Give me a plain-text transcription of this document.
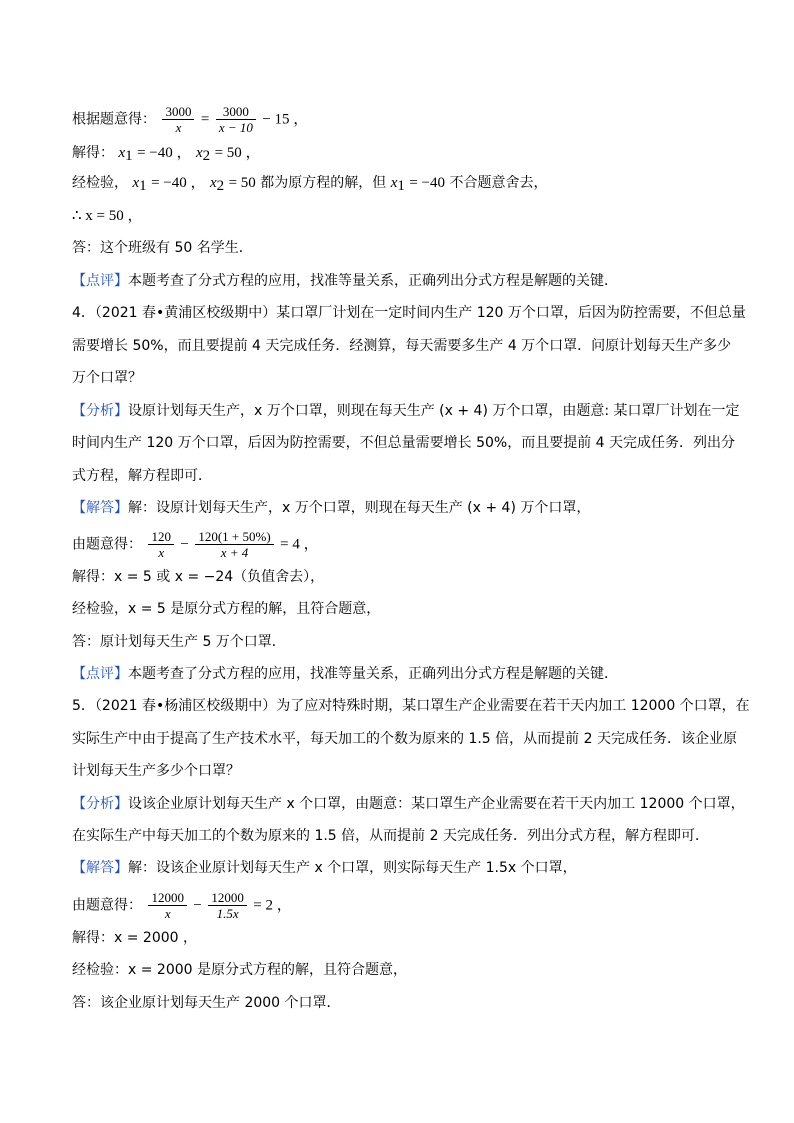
根据题意得： $\frac{3000}{x} = \frac{3000}{x - 10} - 15$ ，
解得： $x_1 = -40$ ， $x_2 = 50$ ，
经检验， $x_1 = -40$ ， $x_2 = 50$ 都为原方程的解，但 $x_1 = -40$ 不合题意舍去，
∴ x = 50 ，
答：这个班级有 50 名学生．
【点评】本题考查了分式方程的应用，找准等量关系，正确列出分式方程是解题的关键．
4．（2021 春•黄浦区校级期中）某口罩厂计划在一定时间内生产 120 万个口罩，后因为防控需要，不但总量
需要增长 50%，而且要提前 4 天完成任务．经测算，每天需要多生产 4 万个口罩．问原计划每天生产多少
万个口罩？
【分析】设原计划每天生产，x 万个口罩，则现在每天生产 (x + 4) 万个口罩，由题意: 某口罩厂计划在一定
时间内生产 120 万个口罩，后因为防控需要，不但总量需要增长 50%，而且要提前 4 天完成任务．列出分
式方程，解方程即可．
【解答】解：设原计划每天生产，x 万个口罩，则现在每天生产 (x + 4) 万个口罩，
由题意得： $\frac{120}{x} - \frac{120(1 + 50\%)}{x + 4} = 4$ ，
解得：x = 5 或 x = −24（负值舍去），
经检验，x = 5 是原分式方程的解，且符合题意，
答：原计划每天生产 5 万个口罩．
【点评】本题考查了分式方程的应用，找准等量关系，正确列出分式方程是解题的关键．
5．（2021 春•杨浦区校级期中）为了应对特殊时期，某口罩生产企业需要在若干天内加工 12000 个口罩，在
实际生产中由于提高了生产技术水平，每天加工的个数为原来的 1.5 倍，从而提前 2 天完成任务．该企业原
计划每天生产多少个口罩？
【分析】设该企业原计划每天生产 x 个口罩，由题意：某口罩生产企业需要在若干天内加工 12000 个口罩，
在实际生产中每天加工的个数为原来的 1.5 倍，从而提前 2 天完成任务．列出分式方程，解方程即可．
【解答】解：设该企业原计划每天生产 x 个口罩，则实际每天生产 1.5x 个口罩，
由题意得： $\frac{12000}{x} - \frac{12000}{1.5x} = 2$ ，
解得：x = 2000 ，
经检验：x = 2000 是原分式方程的解，且符合题意，
答：该企业原计划每天生产 2000 个口罩．
